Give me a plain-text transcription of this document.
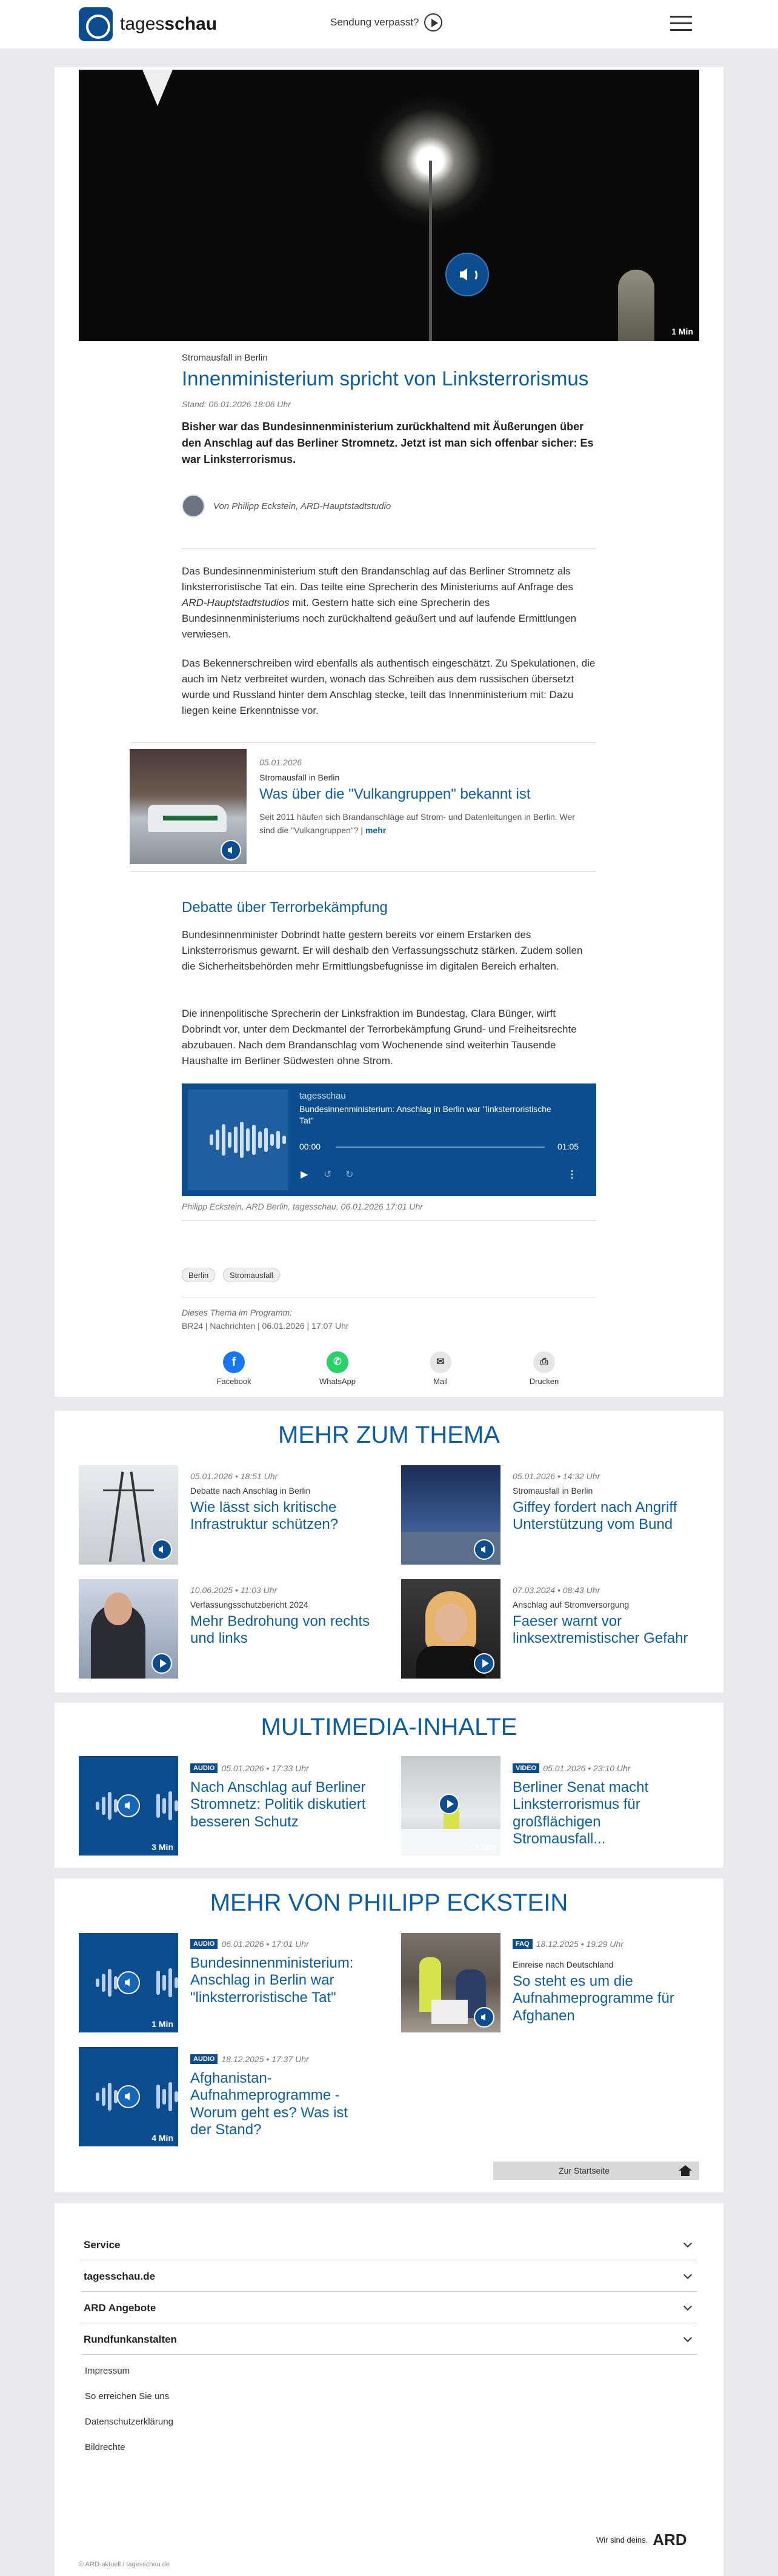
tagesschau	Sendung verpasst?
1 Min
Stromausfall in Berlin
Innenministerium spricht von Linksterrorismus
Stand: 06.01.2026 18:06 Uhr
Bisher war das Bundesinnenministerium zurückhaltend mit Äußerungen über den Anschlag auf das Berliner Stromnetz. Jetzt ist man sich offenbar sicher: Es war Linksterrorismus.
Von Philipp Eckstein, ARD-Hauptstadtstudio
Das Bundesinnenministerium stuft den Brandanschlag auf das Berliner Stromnetz als linksterroristische Tat ein. Das teilte eine Sprecherin des Ministeriums auf Anfrage des ARD-Hauptstadtstudios mit. Gestern hatte sich eine Sprecherin des Bundesinnenministeriums noch zurückhaltend geäußert und auf laufende Ermittlungen verwiesen.
Das Bekennerschreiben wird ebenfalls als authentisch eingeschätzt. Zu Spekulationen, die auch im Netz verbreitet wurden, wonach das Schreiben aus dem russischen übersetzt wurde und Russland hinter dem Anschlag stecke, teilt das Innenministerium mit: Dazu liegen keine Erkenntnisse vor.
05.01.2026
Stromausfall in Berlin
Was über die "Vulkangruppen" bekannt ist
Seit 2011 häufen sich Brandanschläge auf Strom- und Datenleitungen in Berlin. Wer sind die "Vulkangruppen"? | mehr
Debatte über Terrorbekämpfung
Bundesinnenminister Dobrindt hatte gestern bereits vor einem Erstarken des Linksterrorismus gewarnt. Er will deshalb den Verfassungsschutz stärken. Zudem sollen die Sicherheitsbehörden mehr Ermittlungsbefugnisse im digitalen Bereich erhalten.
Die innenpolitische Sprecherin der Linksfraktion im Bundestag, Clara Bünger, wirft Dobrindt vor, unter dem Deckmantel der Terrorbekämpfung Grund- und Freiheitsrechte abzubauen. Nach dem Brandanschlag vom Wochenende sind weiterhin Tausende Haushalte im Berliner Südwesten ohne Strom.
tagesschau
Bundesinnenministerium: Anschlag in Berlin war "linksterroristische Tat"
00:00	01:05
▶ ↺ ↻	⋮
Philipp Eckstein, ARD Berlin, tagesschau, 06.01.2026 17:01 Uhr
Berlin	Stromausfall
Dieses Thema im Programm:
BR24 | Nachrichten | 06.01.2026 | 17:07 Uhr
f
Facebook
✆
WhatsApp
✉
Mail
⎙
Drucken
MEHR ZUM THEMA
05.01.2026 • 18:51 Uhr
Debatte nach Anschlag in Berlin
Wie lässt sich kritische Infrastruktur schützen?
05.01.2026 • 14:32 Uhr
Stromausfall in Berlin
Giffey fordert nach Angriff Unterstützung vom Bund
10.06.2025 • 11:03 Uhr
Verfassungsschutzbericht 2024
Mehr Bedrohung von rechts und links
07.03.2024 • 08:43 Uhr
Anschlag auf Stromversorgung
Faeser warnt vor linksextremistischer Gefahr
MULTIMEDIA-INHALTE
3 Min
AUDIO 05.01.2026 • 17:33 Uhr
Nach Anschlag auf Berliner Stromnetz: Politik diskutiert besseren Schutz
3 Min
VIDEO 05.01.2026 • 23:10 Uhr
Berliner Senat macht Linksterrorismus für großflächigen Stromausfall...
MEHR VON PHILIPP ECKSTEIN
1 Min
AUDIO 06.01.2026 • 17:01 Uhr
Bundesinnenministerium: Anschlag in Berlin war "linksterroristische Tat"
FAQ 18.12.2025 • 19:29 Uhr
Einreise nach Deutschland
So steht es um die Aufnahmeprogramme für Afghanen
4 Min
AUDIO 18.12.2025 • 17:37 Uhr
Afghanistan-Aufnahmeprogramme - Worum geht es? Was ist der Stand?
Zur Startseite
Service
tagesschau.de
ARD Angebote
Rundfunkanstalten
Impressum
So erreichen Sie uns
Datenschutzerklärung
Bildrechte
Wir sind deins. ARD
© ARD-aktuell / tagesschau.de
